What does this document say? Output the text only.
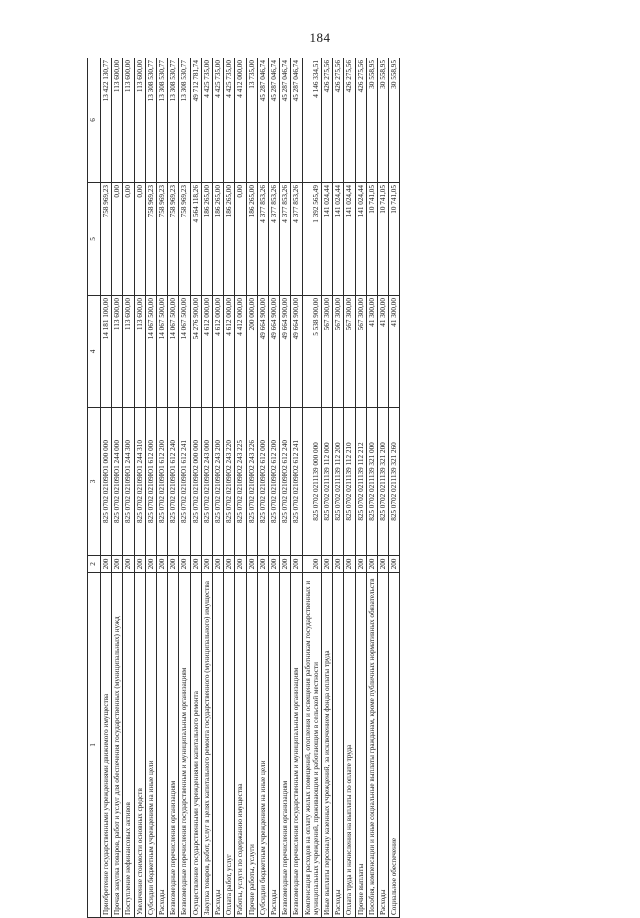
184
1	2	3	4	5	6
Приобретение государственными учреждениями движимого имущества	200	825 0702 02109Ю1 000 000	14 181 100,00	758 969,23	13 422 130,77
Прочая закупка товаров, работ и услуг для обеспечения государственных (муниципальных) нужд	200	825 0702 02109Ю1 244 000	113 600,00	0,00	113 600,00
Поступление нефинансовых активов	200	825 0702 02109Ю1 244 300	113 600,00	0,00	113 600,00
Увеличение стоимости основных средств	200	825 0702 02109Ю1 244 310	113 600,00	0,00	113 600,00
Субсидии бюджетным учреждениям на иные цели	200	825 0702 02109Ю1 612 000	14 067 500,00	758 969,23	13 308 530,77
Расходы	200	825 0702 02109Ю1 612 200	14 067 500,00	758 969,23	13 308 530,77
Безвозмездные перечисления организациям	200	825 0702 02109Ю1 612 240	14 067 500,00	758 969,23	13 308 530,77
Безвозмездные перечисления государственным и муниципальным организациям	200	825 0702 02109Ю1 612 241	14 067 500,00	758 969,23	13 308 530,77
Осуществление государственными учреждениями капитального ремонта	200	825 0702 02109Ю2 000 000	54 276 900,00	4 564 118,26	49 712 781,74
Закупка товаров, работ, услуг в целях капитального ремонта государственного (муниципального) имущества	200	825 0702 02109Ю2 243 000	4 612 000,00	186 265,00	4 425 735,00
Расходы	200	825 0702 02109Ю2 243 200	4 612 000,00	186 265,00	4 425 735,00
Оплата работ, услуг	200	825 0702 02109Ю2 243 220	4 612 000,00	186 265,00	4 425 735,00
Работы, услуги по содержанию имущества	200	825 0702 02109Ю2 243 225	4 412 000,00	0,00	4 412 000,00
Прочие работы, услуги	200	825 0702 02109Ю2 243 226	200 000,00	186 265,00	13 735,00
Субсидии бюджетным учреждениям на иные цели	200	825 0702 02109Ю2 612 000	49 664 900,00	4 377 853,26	45 287 046,74
Расходы	200	825 0702 02109Ю2 612 200	49 664 900,00	4 377 853,26	45 287 046,74
Безвозмездные перечисления организациям	200	825 0702 02109Ю2 612 240	49 664 900,00	4 377 853,26	45 287 046,74
Безвозмездные перечисления государственным и муниципальным организациям	200	825 0702 02109Ю2 612 241	49 664 900,00	4 377 853,26	45 287 046,74
Компенсация расходов на оплату жилых помещений, отопления и освещения работникам государственных и муниципальных учреждений, проживающим и работающим в сельской местности	200	825 0702 0211139 000 000	5 538 900,00	1 392 565,49	4 146 334,51
Иные выплаты персоналу казенных учреждений, за исключением фонда оплаты труда	200	825 0702 0211139 112 000	567 300,00	141 024,44	426 275,56
Расходы	200	825 0702 0211139 112 200	567 300,00	141 024,44	426 275,56
Оплата труда и начисления на выплаты по оплате труда	200	825 0702 0211139 112 210	567 300,00	141 024,44	426 275,56
Прочие выплаты	200	825 0702 0211139 112 212	567 300,00	141 024,44	426 275,56
Пособия, компенсации и иные социальные выплаты гражданам, кроме публичных нормативных обязательств	200	825 0702 0211139 321 000	41 300,00	10 741,05	30 558,95
Расходы	200	825 0702 0211139 321 200	41 300,00	10 741,05	30 558,95
Социальное обеспечение	200	825 0702 0211139 321 260	41 300,00	10 741,05	30 558,95
